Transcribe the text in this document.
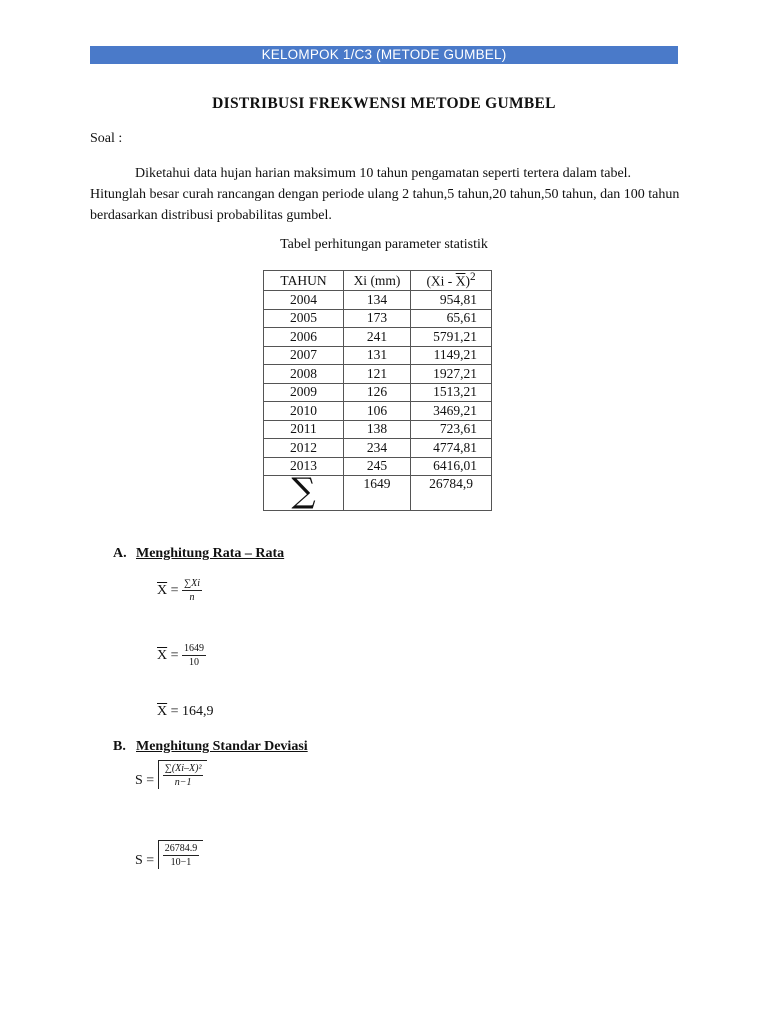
KELOMPOK 1/C3 (METODE GUMBEL)
DISTRIBUSI FREKWENSI METODE GUMBEL
Soal :
Diketahui data hujan harian maksimum 10 tahun pengamatan seperti tertera dalam tabel. Hitunglah besar curah rancangan dengan periode ulang 2 tahun,5 tahun,20 tahun,50 tahun, dan 100 tahun berdasarkan distribusi probabilitas gumbel.
Tabel perhitungan parameter statistik
TAHUN	Xi (mm)	$(Xi - \overline{X})^2$
2004	134	954,81
2005	173	65,61
2006	241	5791,21
2007	131	1149,21
2008	121	1927,21
2009	126	1513,21
2010	106	3469,21
2011	138	723,61
2012	234	4774,81
2013	245	6416,01
∑	1649	26784,9
A. Menghitung Rata – Rata
$\overline{X} = \frac{\sum Xi}{n}$
$\overline{X} = \frac{1649}{10}$
$\overline{X} = 164,9$
B. Menghitung Standar Deviasi
$S = \frac{\text{∑(Xi–X)²}}{n-1}$
$S = \frac{26784.9}{10-1}$
